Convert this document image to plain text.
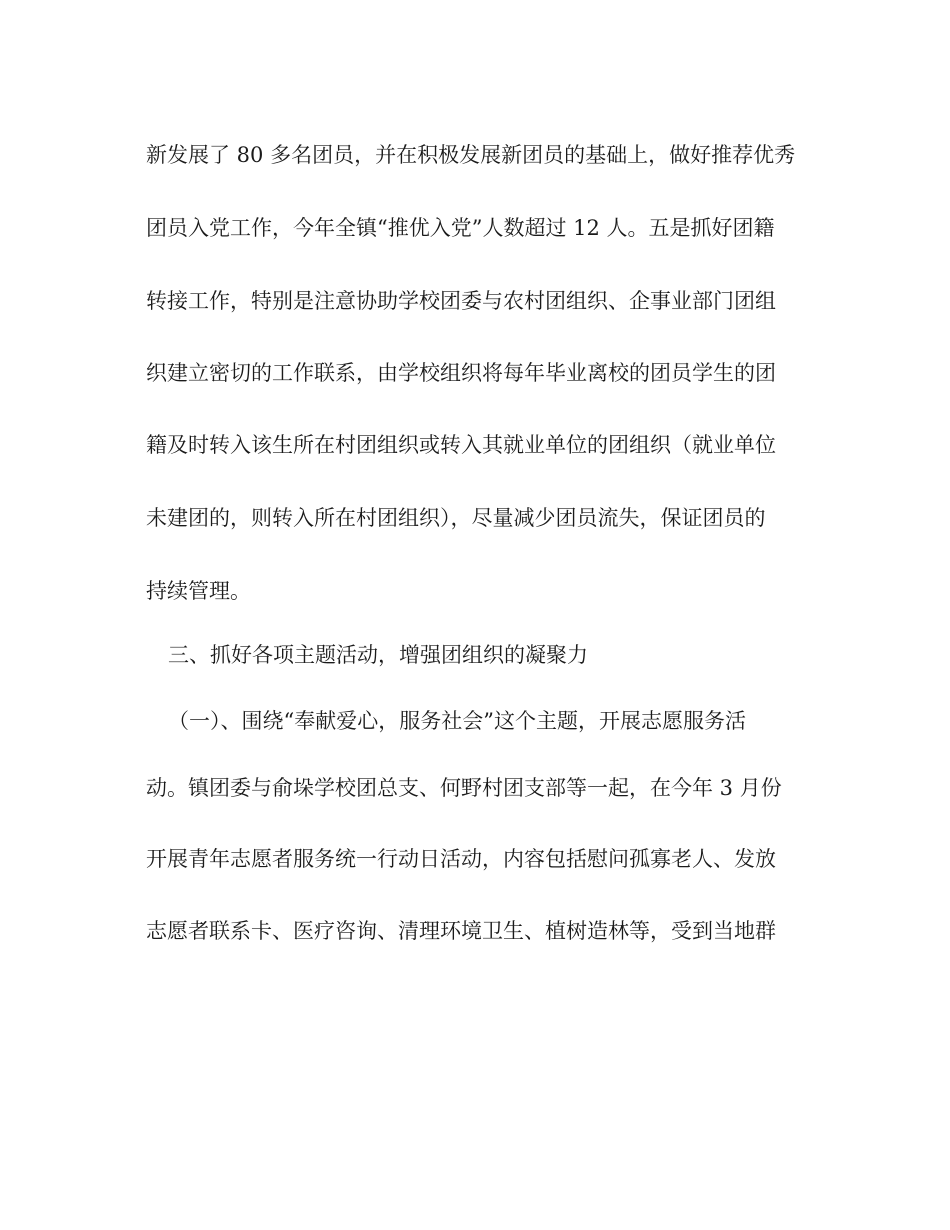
新发展了 80 多名团员，并在积极发展新团员的基础上，做好推荐优秀
团员入党工作，今年全镇“推优入党”人数超过 12 人。五是抓好团籍
转接工作，特别是注意协助学校团委与农村团组织、企事业部门团组
织建立密切的工作联系，由学校组织将每年毕业离校的团员学生的团
籍及时转入该生所在村团组织或转入其就业单位的团组织（就业单位
未建团的，则转入所在村团组织），尽量减少团员流失，保证团员的
持续管理。
三、抓好各项主题活动，增强团组织的凝聚力
（一）、围绕“奉献爱心，服务社会”这个主题，开展志愿服务活
动。镇团委与俞垛学校团总支、何野村团支部等一起，在今年 3 月份
开展青年志愿者服务统一行动日活动，内容包括慰问孤寡老人、发放
志愿者联系卡、医疗咨询、清理环境卫生、植树造林等，受到当地群
